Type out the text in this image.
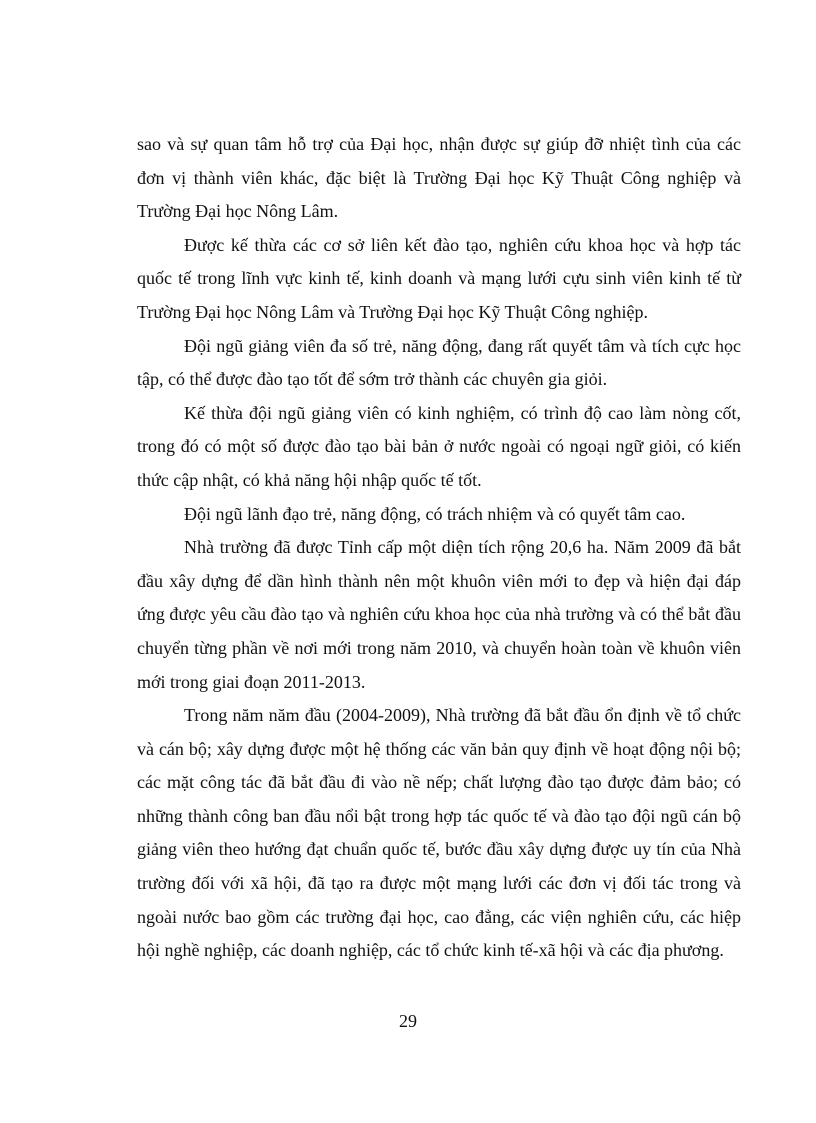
sao và sự quan tâm hỗ trợ của Đại học, nhận được sự giúp đỡ nhiệt tình của các đơn vị thành viên khác, đặc biệt là Trường Đại học Kỹ Thuật Công nghiệp và Trường Đại học Nông Lâm.

Được kế thừa các cơ sở liên kết đào tạo, nghiên cứu khoa học và hợp tác quốc tế trong lĩnh vực kinh tế, kinh doanh và mạng lưới cựu sinh viên kinh tế từ Trường Đại học Nông Lâm và Trường Đại học Kỹ Thuật Công nghiệp.

Đội ngũ giảng viên đa số trẻ, năng động, đang rất quyết tâm và tích cực học tập, có thể được đào tạo tốt để sớm trở thành các chuyên gia giỏi.

Kế thừa đội ngũ giảng viên có kinh nghiệm, có trình độ cao làm nòng cốt, trong đó có một số được đào tạo bài bản ở nước ngoài có ngoại ngữ giỏi, có kiến thức cập nhật, có khả năng hội nhập quốc tế tốt.

Đội ngũ lãnh đạo trẻ, năng động, có trách nhiệm và có quyết tâm cao.

Nhà trường đã được Tỉnh cấp một diện tích rộng 20,6 ha. Năm 2009 đã bắt đầu xây dựng để dần hình thành nên một khuôn viên mới to đẹp và hiện đại đáp ứng được yêu cầu đào tạo và nghiên cứu khoa học của nhà trường và có thể bắt đầu chuyển từng phần về nơi mới trong năm 2010, và chuyển hoàn toàn về khuôn viên mới trong giai đoạn 2011-2013.

Trong năm năm đầu (2004-2009), Nhà trường đã bắt đầu ổn định về tổ chức và cán bộ; xây dựng được một hệ thống các văn bản quy định về hoạt động nội bộ; các mặt công tác đã bắt đầu đi vào nề nếp; chất lượng đào tạo được đảm bảo; có những thành công ban đầu nổi bật trong hợp tác quốc tế và đào tạo đội ngũ cán bộ giảng viên theo hướng đạt chuẩn quốc tế, bước đầu xây dựng được uy tín của Nhà trường đối với xã hội, đã tạo ra được một mạng lưới các đơn vị đối tác trong và ngoài nước bao gồm các trường đại học, cao đẳng, các viện nghiên cứu, các hiệp hội nghề nghiệp, các doanh nghiệp, các tổ chức kinh tế-xã hội và các địa phương.

29
